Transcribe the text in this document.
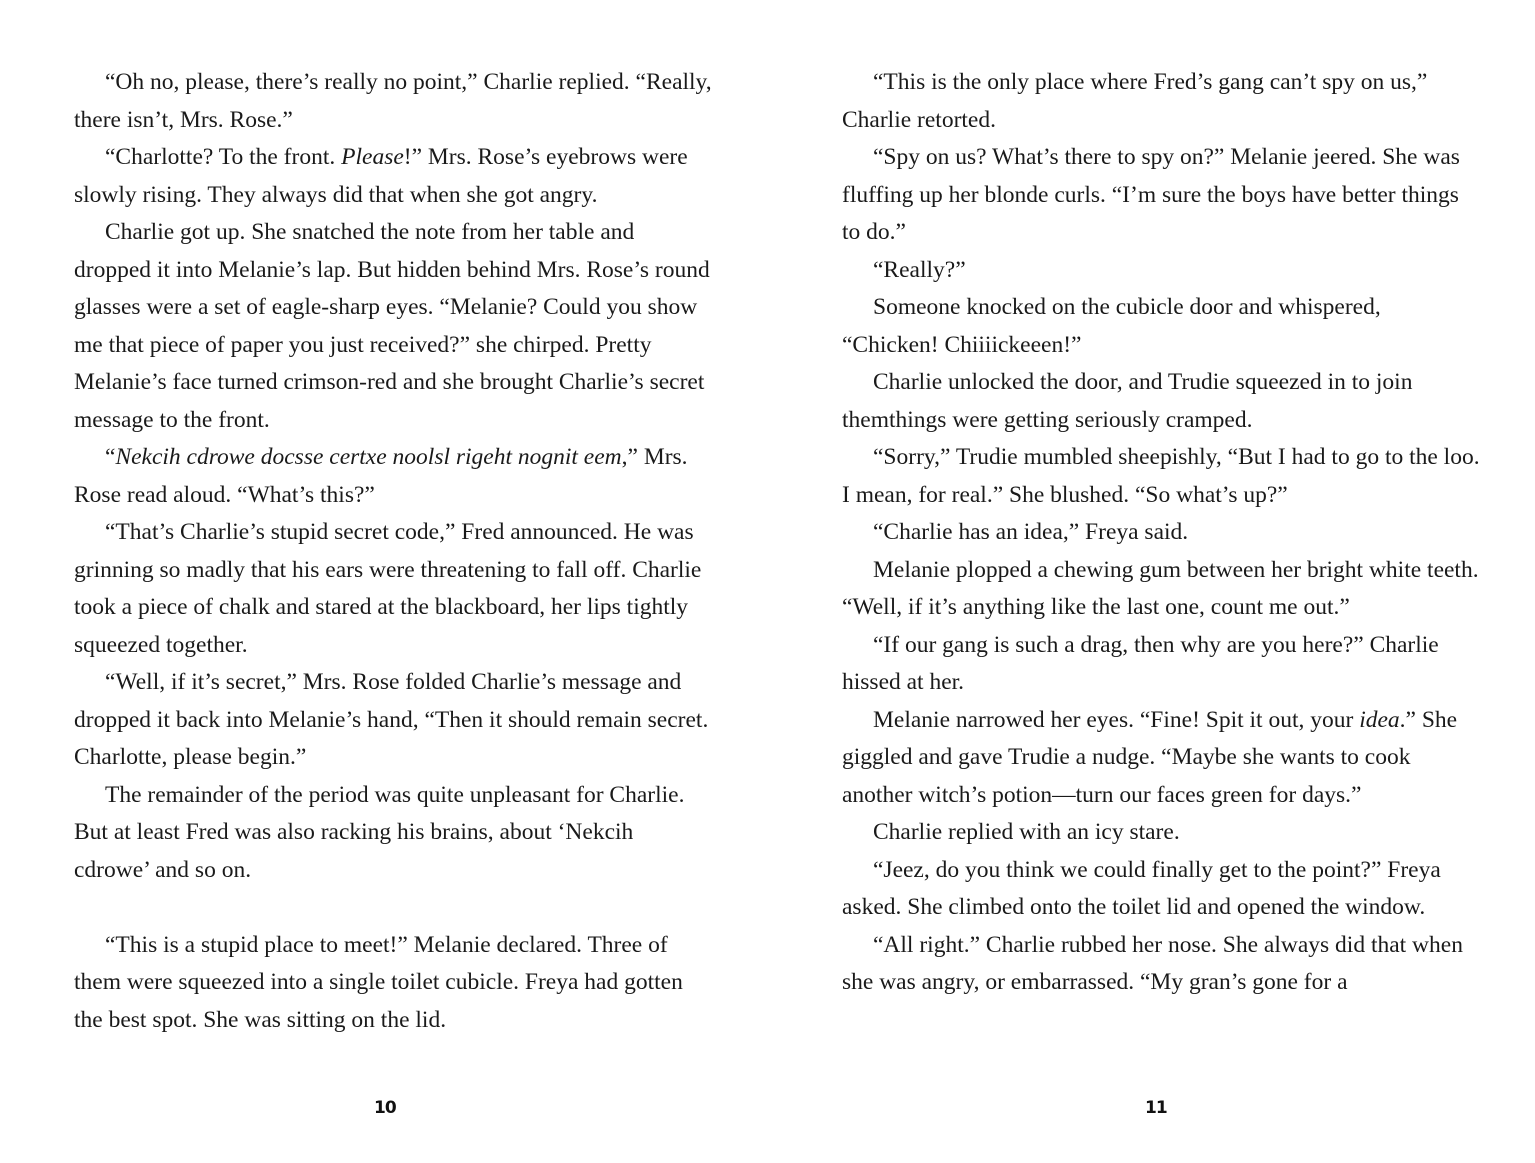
“Oh no, please, there’s really no point,” Charlie replied. “Really, there isn’t, Mrs. Rose.”

“Charlotte? To the front. Please!” Mrs. Rose’s eyebrows were slowly rising. They always did that when she got angry.

Charlie got up. She snatched the note from her table and dropped it into Melanie’s lap. But hidden behind Mrs. Rose’s round glasses were a set of eagle-sharp eyes. “Melanie? Could you show me that piece of paper you just received?” she chirped. Pretty Melanie’s face turned crimson-red and she brought Charlie’s secret message to the front.

“Nekcih cdrowe docsse certxe noolsl rigeht nognit eem,” Mrs. Rose read aloud. “What’s this?”

“That’s Charlie’s stupid secret code,” Fred announced. He was grinning so madly that his ears were threatening to fall off. Charlie took a piece of chalk and stared at the blackboard, her lips tightly squeezed together.

“Well, if it’s secret,” Mrs. Rose folded Charlie’s message and dropped it back into Melanie’s hand, “Then it should remain secret. Charlotte, please begin.”

The remainder of the period was quite unpleasant for Charlie. But at least Fred was also racking his brains, about ‘Nekcih cdrowe’ and so on.

“This is a stupid place to meet!” Melanie declared. Three of them were squeezed into a single toilet cubicle. Freya had gotten the best spot. She was sitting on the lid.

“This is the only place where Fred’s gang can’t spy on us,” Charlie retorted.

“Spy on us? What’s there to spy on?” Melanie jeered. She was fluffing up her blonde curls. “I’m sure the boys have better things to do.”

“Really?”

Someone knocked on the cubicle door and whispered, “Chicken! Chiiiickeeen!”

Charlie unlocked the door, and Trudie squeezed in to join themthings were getting seriously cramped.

“Sorry,” Trudie mumbled sheepishly, “But I had to go to the loo. I mean, for real.” She blushed. “So what’s up?”

“Charlie has an idea,” Freya said.

Melanie plopped a chewing gum between her bright white teeth. “Well, if it’s anything like the last one, count me out.”

“If our gang is such a drag, then why are you here?” Charlie hissed at her.

Melanie narrowed her eyes. “Fine! Spit it out, your idea.” She giggled and gave Trudie a nudge. “Maybe she wants to cook another witch’s potion—turn our faces green for days.”

Charlie replied with an icy stare.

“Jeez, do you think we could finally get to the point?” Freya asked. She climbed onto the toilet lid and opened the window.

“All right.” Charlie rubbed her nose. She always did that when she was angry, or embarrassed. “My gran’s gone for a

10	11
